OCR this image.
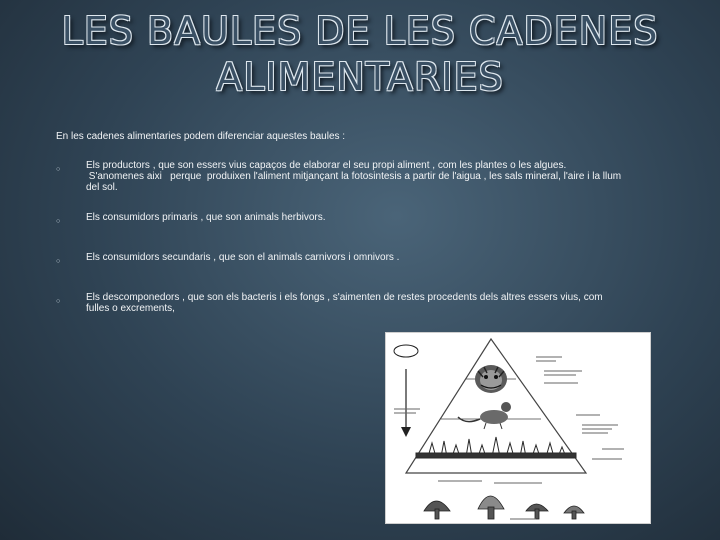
LES BAULES DE LES CADENES
ALIMENTARIES
En les cadenes alimentaries podem diferenciar aquestes baules :
○	Els productors , que son essers vius capaços de elaborar el seu propi aliment , com les plantes o les algues.
S'anomenes aixi   perque  produixen l'aliment mitjançant la fotosintesis a partir de l'aigua , les sals mineral, l'aire i la llum
del sol.
○	Els consumidors primaris , que son animals herbivors.
○	Els consumidors secundaris , que son el animals carnivors i omnivors .
○	Els descomponedors , que son els bacteris i els fongs , s'aimenten de restes procedents dels altres essers vius, com
fulles o excrements,
